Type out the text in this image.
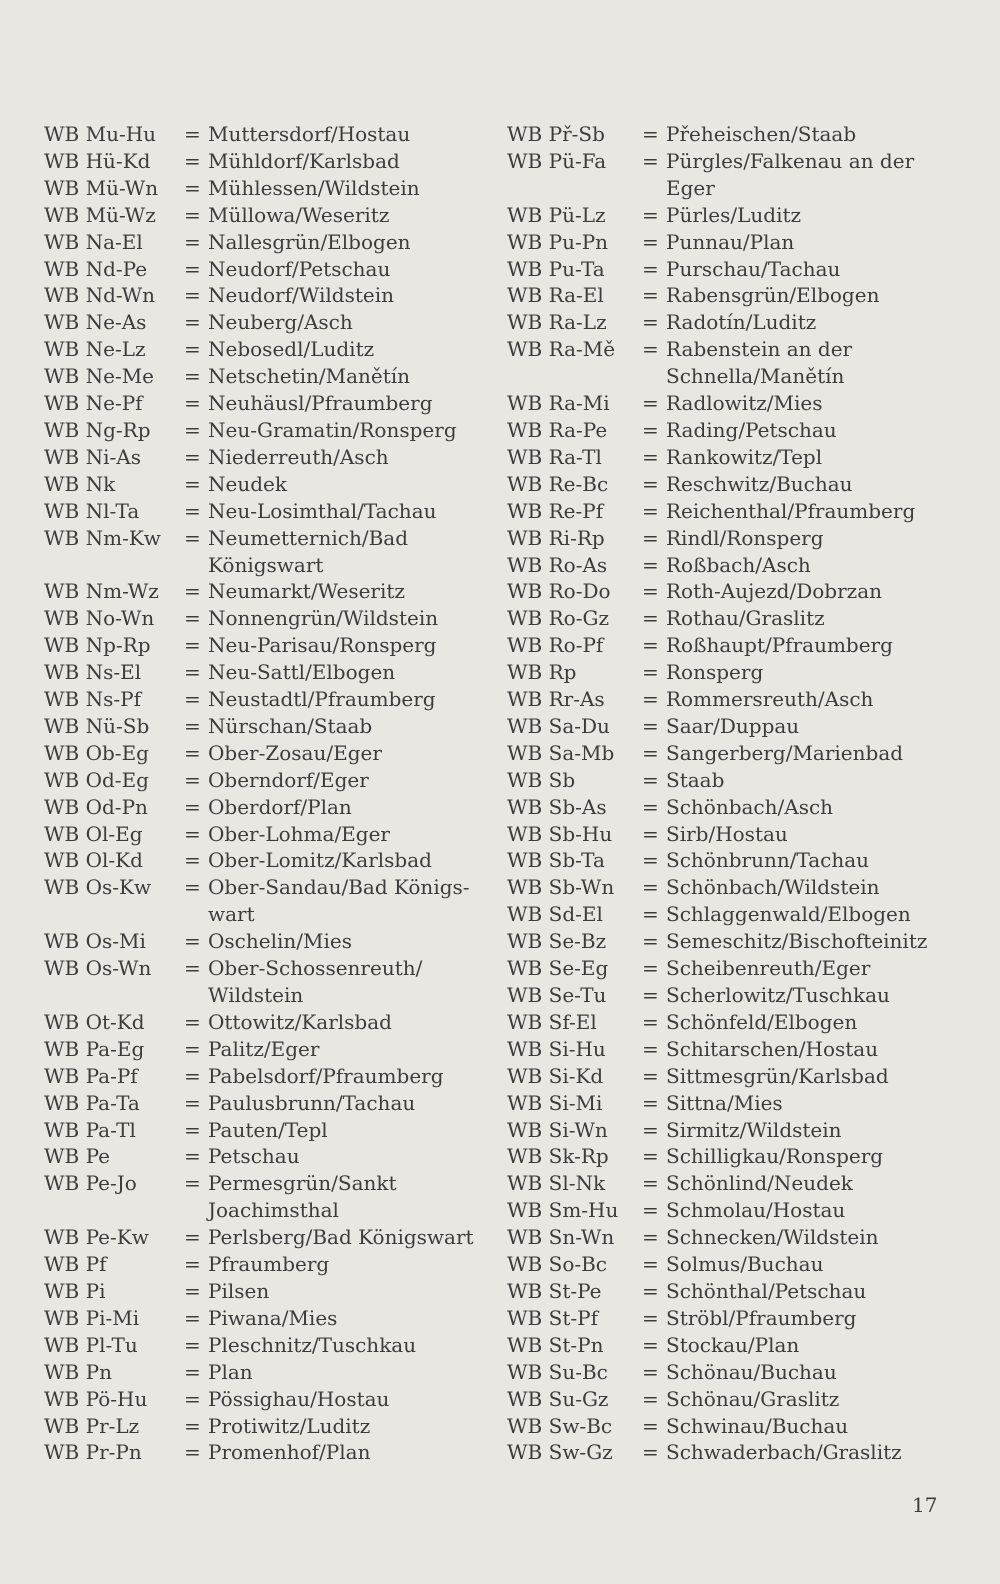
WB Mu-Hu	= Muttersdorf/Hostau
WB Hü-Kd	= Mühldorf/Karlsbad
WB Mü-Wn	= Mühlessen/Wildstein
WB Mü-Wz	= Müllowa/Weseritz
WB Na-El	= Nallesgrün/Elbogen
WB Nd-Pe	= Neudorf/Petschau
WB Nd-Wn	= Neudorf/Wildstein
WB Ne-As	= Neuberg/Asch
WB Ne-Lz	= Nebosedl/Luditz
WB Ne-Me	= Netschetin/Manětín
WB Ne-Pf	= Neuhäusl/Pfraumberg
WB Ng-Rp	= Neu-Gramatin/Ronsperg
WB Ni-As	= Niederreuth/Asch
WB Nk	= Neudek
WB Nl-Ta	= Neu-Losimthal/Tachau
WB Nm-Kw	= Neumetternich/Bad Königswart
WB Nm-Wz	= Neumarkt/Weseritz
WB No-Wn	= Nonnengrün/Wildstein
WB Np-Rp	= Neu-Parisau/Ronsperg
WB Ns-El	= Neu-Sattl/Elbogen
WB Ns-Pf	= Neustadtl/Pfraumberg
WB Nü-Sb	= Nürschan/Staab
WB Ob-Eg	= Ober-Zosau/Eger
WB Od-Eg	= Oberndorf/Eger
WB Od-Pn	= Oberdorf/Plan
WB Ol-Eg	= Ober-Lohma/Eger
WB Ol-Kd	= Ober-Lomitz/Karlsbad
WB Os-Kw	= Ober-Sandau/Bad Königs-wart
WB Os-Mi	= Oschelin/Mies
WB Os-Wn	= Ober-Schossenreuth/ Wildstein
WB Ot-Kd	= Ottowitz/Karlsbad
WB Pa-Eg	= Palitz/Eger
WB Pa-Pf	= Pabelsdorf/Pfraumberg
WB Pa-Ta	= Paulusbrunn/Tachau
WB Pa-Tl	= Pauten/Tepl
WB Pe	= Petschau
WB Pe-Jo	= Permesgrün/Sankt Joachimsthal
WB Pe-Kw	= Perlsberg/Bad Königswart
WB Pf	= Pfraumberg
WB Pi	= Pilsen
WB Pi-Mi	= Piwana/Mies
WB Pl-Tu	= Pleschnitz/Tuschkau
WB Pn	= Plan
WB Pö-Hu	= Pössighau/Hostau
WB Pr-Lz	= Protiwitz/Luditz
WB Pr-Pn	= Promenhof/Plan
WB Př-Sb	= Přeheischen/Staab
WB Pü-Fa	= Pürgles/Falkenau an der Eger
WB Pü-Lz	= Pürles/Luditz
WB Pu-Pn	= Punnau/Plan
WB Pu-Ta	= Purschau/Tachau
WB Ra-El	= Rabensgrün/Elbogen
WB Ra-Lz	= Radotín/Luditz
WB Ra-Mě	= Rabenstein an der Schnella/Manětín
WB Ra-Mi	= Radlowitz/Mies
WB Ra-Pe	= Rading/Petschau
WB Ra-Tl	= Rankowitz/Tepl
WB Re-Bc	= Reschwitz/Buchau
WB Re-Pf	= Reichenthal/Pfraumberg
WB Ri-Rp	= Rindl/Ronsperg
WB Ro-As	= Roßbach/Asch
WB Ro-Do	= Roth-Aujezd/Dobrzan
WB Ro-Gz	= Rothau/Graslitz
WB Ro-Pf	= Roßhaupt/Pfraumberg
WB Rp	= Ronsperg
WB Rr-As	= Rommersreuth/Asch
WB Sa-Du	= Saar/Duppau
WB Sa-Mb	= Sangerberg/Marienbad
WB Sb	= Staab
WB Sb-As	= Schönbach/Asch
WB Sb-Hu	= Sirb/Hostau
WB Sb-Ta	= Schönbrunn/Tachau
WB Sb-Wn	= Schönbach/Wildstein
WB Sd-El	= Schlaggenwald/Elbogen
WB Se-Bz	= Semeschitz/Bischofteinitz
WB Se-Eg	= Scheibenreuth/Eger
WB Se-Tu	= Scherlowitz/Tuschkau
WB Sf-El	= Schönfeld/Elbogen
WB Si-Hu	= Schitarschen/Hostau
WB Si-Kd	= Sittmesgrün/Karlsbad
WB Si-Mi	= Sittna/Mies
WB Si-Wn	= Sirmitz/Wildstein
WB Sk-Rp	= Schilligkau/Ronsperg
WB Sl-Nk	= Schönlind/Neudek
WB Sm-Hu	= Schmolau/Hostau
WB Sn-Wn	= Schnecken/Wildstein
WB So-Bc	= Solmus/Buchau
WB St-Pe	= Schönthal/Petschau
WB St-Pf	= Ströbl/Pfraumberg
WB St-Pn	= Stockau/Plan
WB Su-Bc	= Schönau/Buchau
WB Su-Gz	= Schönau/Graslitz
WB Sw-Bc	= Schwinau/Buchau
WB Sw-Gz	= Schwaderbach/Graslitz
17
